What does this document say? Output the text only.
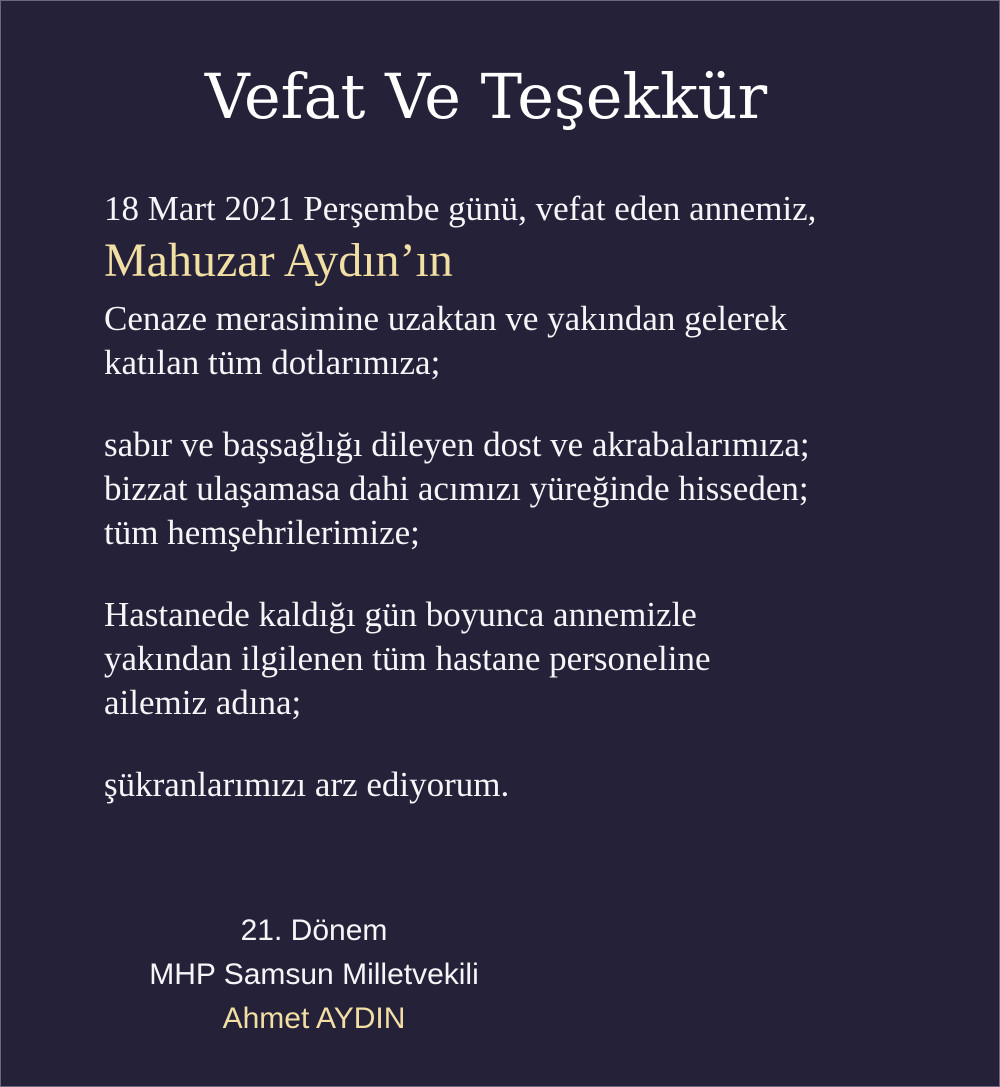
Vefat Ve Teşekkür
18 Mart 2021 Perşembe günü, vefat eden annemiz,
Mahuzar Aydın’ın
Cenaze merasimine uzaktan ve yakından gelerek
katılan tüm dotlarımıza;
sabır ve başsağlığı dileyen dost ve akrabalarımıza;
bizzat ulaşamasa dahi acımızı yüreğinde hisseden;
tüm hemşehrilerimize;
Hastanede kaldığı gün boyunca annemizle
yakından ilgilenen tüm hastane personeline
ailemiz adına;
şükranlarımızı arz ediyorum.
21. Dönem
MHP Samsun Milletvekili
Ahmet AYDIN
